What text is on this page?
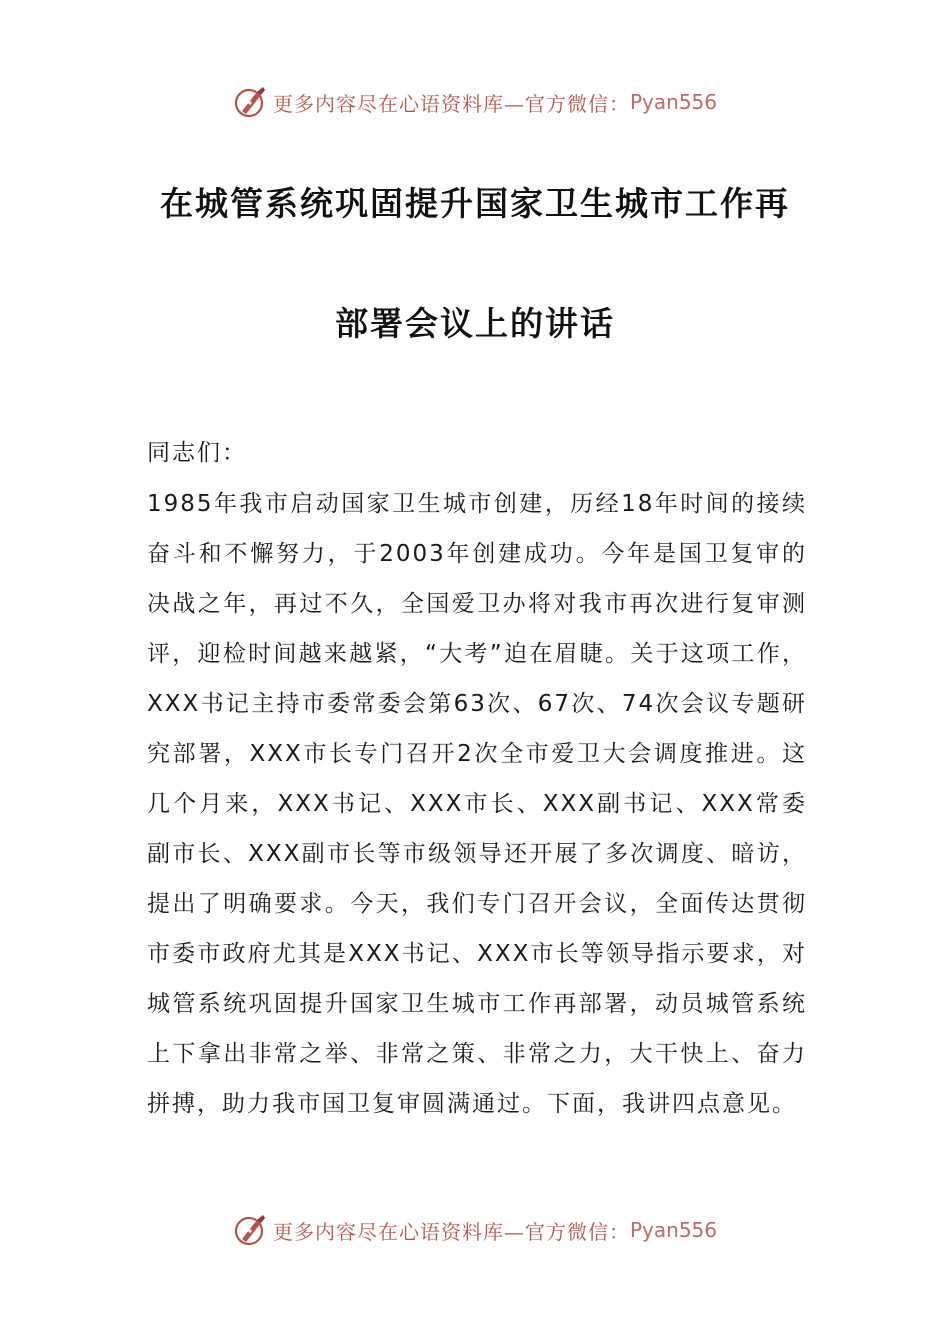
更多内容尽在心语资料库—官方微信： Pyan556
在城管系统巩固提升国家卫生城市工作再
部署会议上的讲话
同志们：
1985年我市启动国家卫生城市创建，历经18年时间的接续奋斗和不懈努力，于2003年创建成功。今年是国卫复审的决战之年，再过不久，全国爱卫办将对我市再次进行复审测评，迎检时间越来越紧，“大考”迫在眉睫。关于这项工作，XXX书记主持市委常委会第63次、67次、74次会议专题研究部署，XXX市长专门召开2次全市爱卫大会调度推进。这几个月来，XXX书记、XXX市长、XXX副书记、XXX常委副市长、XXX副市长等市级领导还开展了多次调度、暗访，提出了明确要求。今天，我们专门召开会议，全面传达贯彻市委市政府尤其是XXX书记、XXX市长等领导指示要求，对城管系统巩固提升国家卫生城市工作再部署，动员城管系统上下拿出非常之举、非常之策、非常之力，大干快上、奋力拼搏，助力我市国卫复审圆满通过。下面，我讲四点意见。
更多内容尽在心语资料库—官方微信： Pyan556
